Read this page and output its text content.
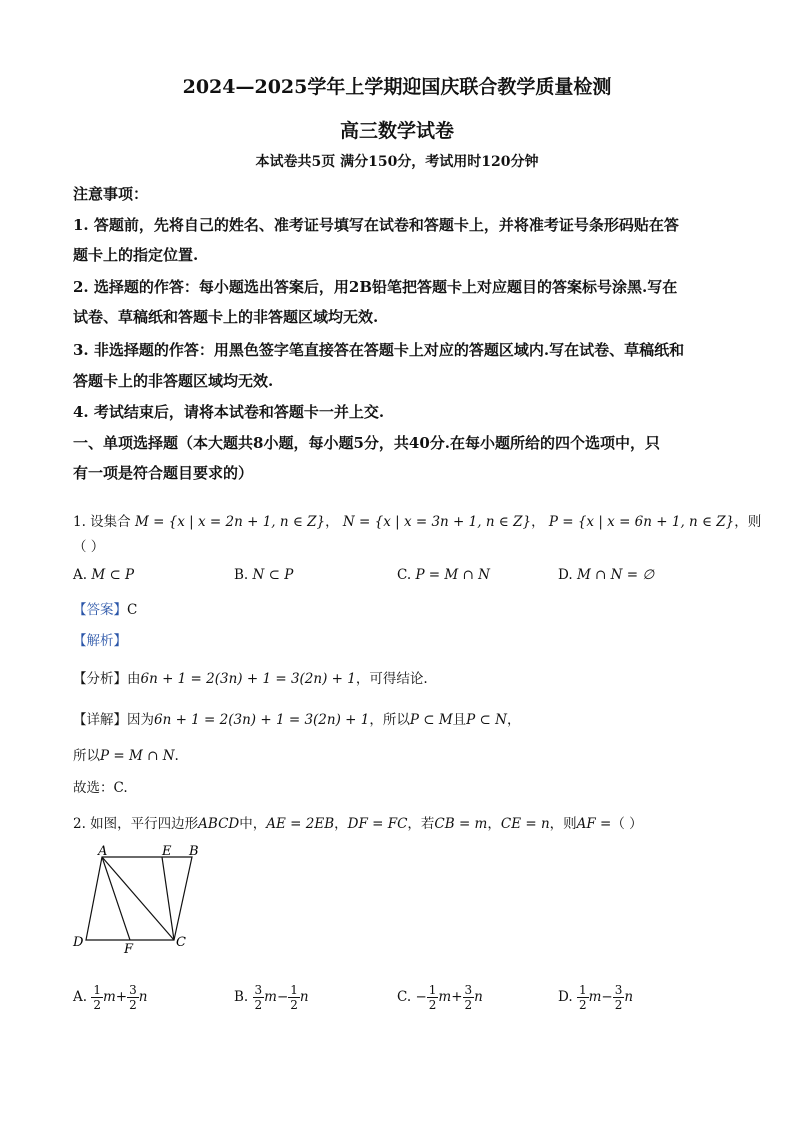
2024—2025学年上学期迎国庆联合教学质量检测
高三数学试卷
本试卷共5页 满分150分，考试用时120分钟
注意事项：
1. 答题前，先将自己的姓名、准考证号填写在试卷和答题卡上，并将准考证号条形码贴在答
题卡上的指定位置.
2. 选择题的作答：每小题选出答案后，用2B铅笔把答题卡上对应题目的答案标号涂黑.写在
试卷、草稿纸和答题卡上的非答题区域均无效.
3. 非选择题的作答：用黑色签字笔直接答在答题卡上对应的答题区域内.写在试卷、草稿纸和
答题卡上的非答题区域均无效.
4. 考试结束后，请将本试卷和答题卡一并上交.
一、单项选择题（本大题共8小题，每小题5分，共40分.在每小题所给的四个选项中，只
有一项是符合题目要求的）
1. 设集合 M = {x | x = 2n + 1, n ∈ Z}， N = {x | x = 3n + 1, n ∈ Z}， P = {x | x = 6n + 1, n ∈ Z}，则
（ ）
A. M ⊂ P	B. N ⊂ P	C. P = M ∩ N	D. M ∩ N = ∅
【答案】C
【解析】
【分析】由6n + 1 = 2(3n) + 1 = 3(2n) + 1，可得结论.
【详解】因为6n + 1 = 2(3n) + 1 = 3(2n) + 1，所以P ⊂ M且P ⊂ N，
所以P = M ∩ N.
故选：C.
2. 如图，平行四边形ABCD中，AE = 2EB，DF = FC，若CB = m，CE = n，则AF =（ ）
A	E B
D	F	C
A. $\frac{1}{2} m+ \frac{3}{2}$ n	B. $\frac{3}{2} m- \frac{1}{2}$ n	C. − $\frac{1}{2} m+ \frac{3}{2}$ n	D. $\frac{1}{2} m- \frac{3}{2}$ n
